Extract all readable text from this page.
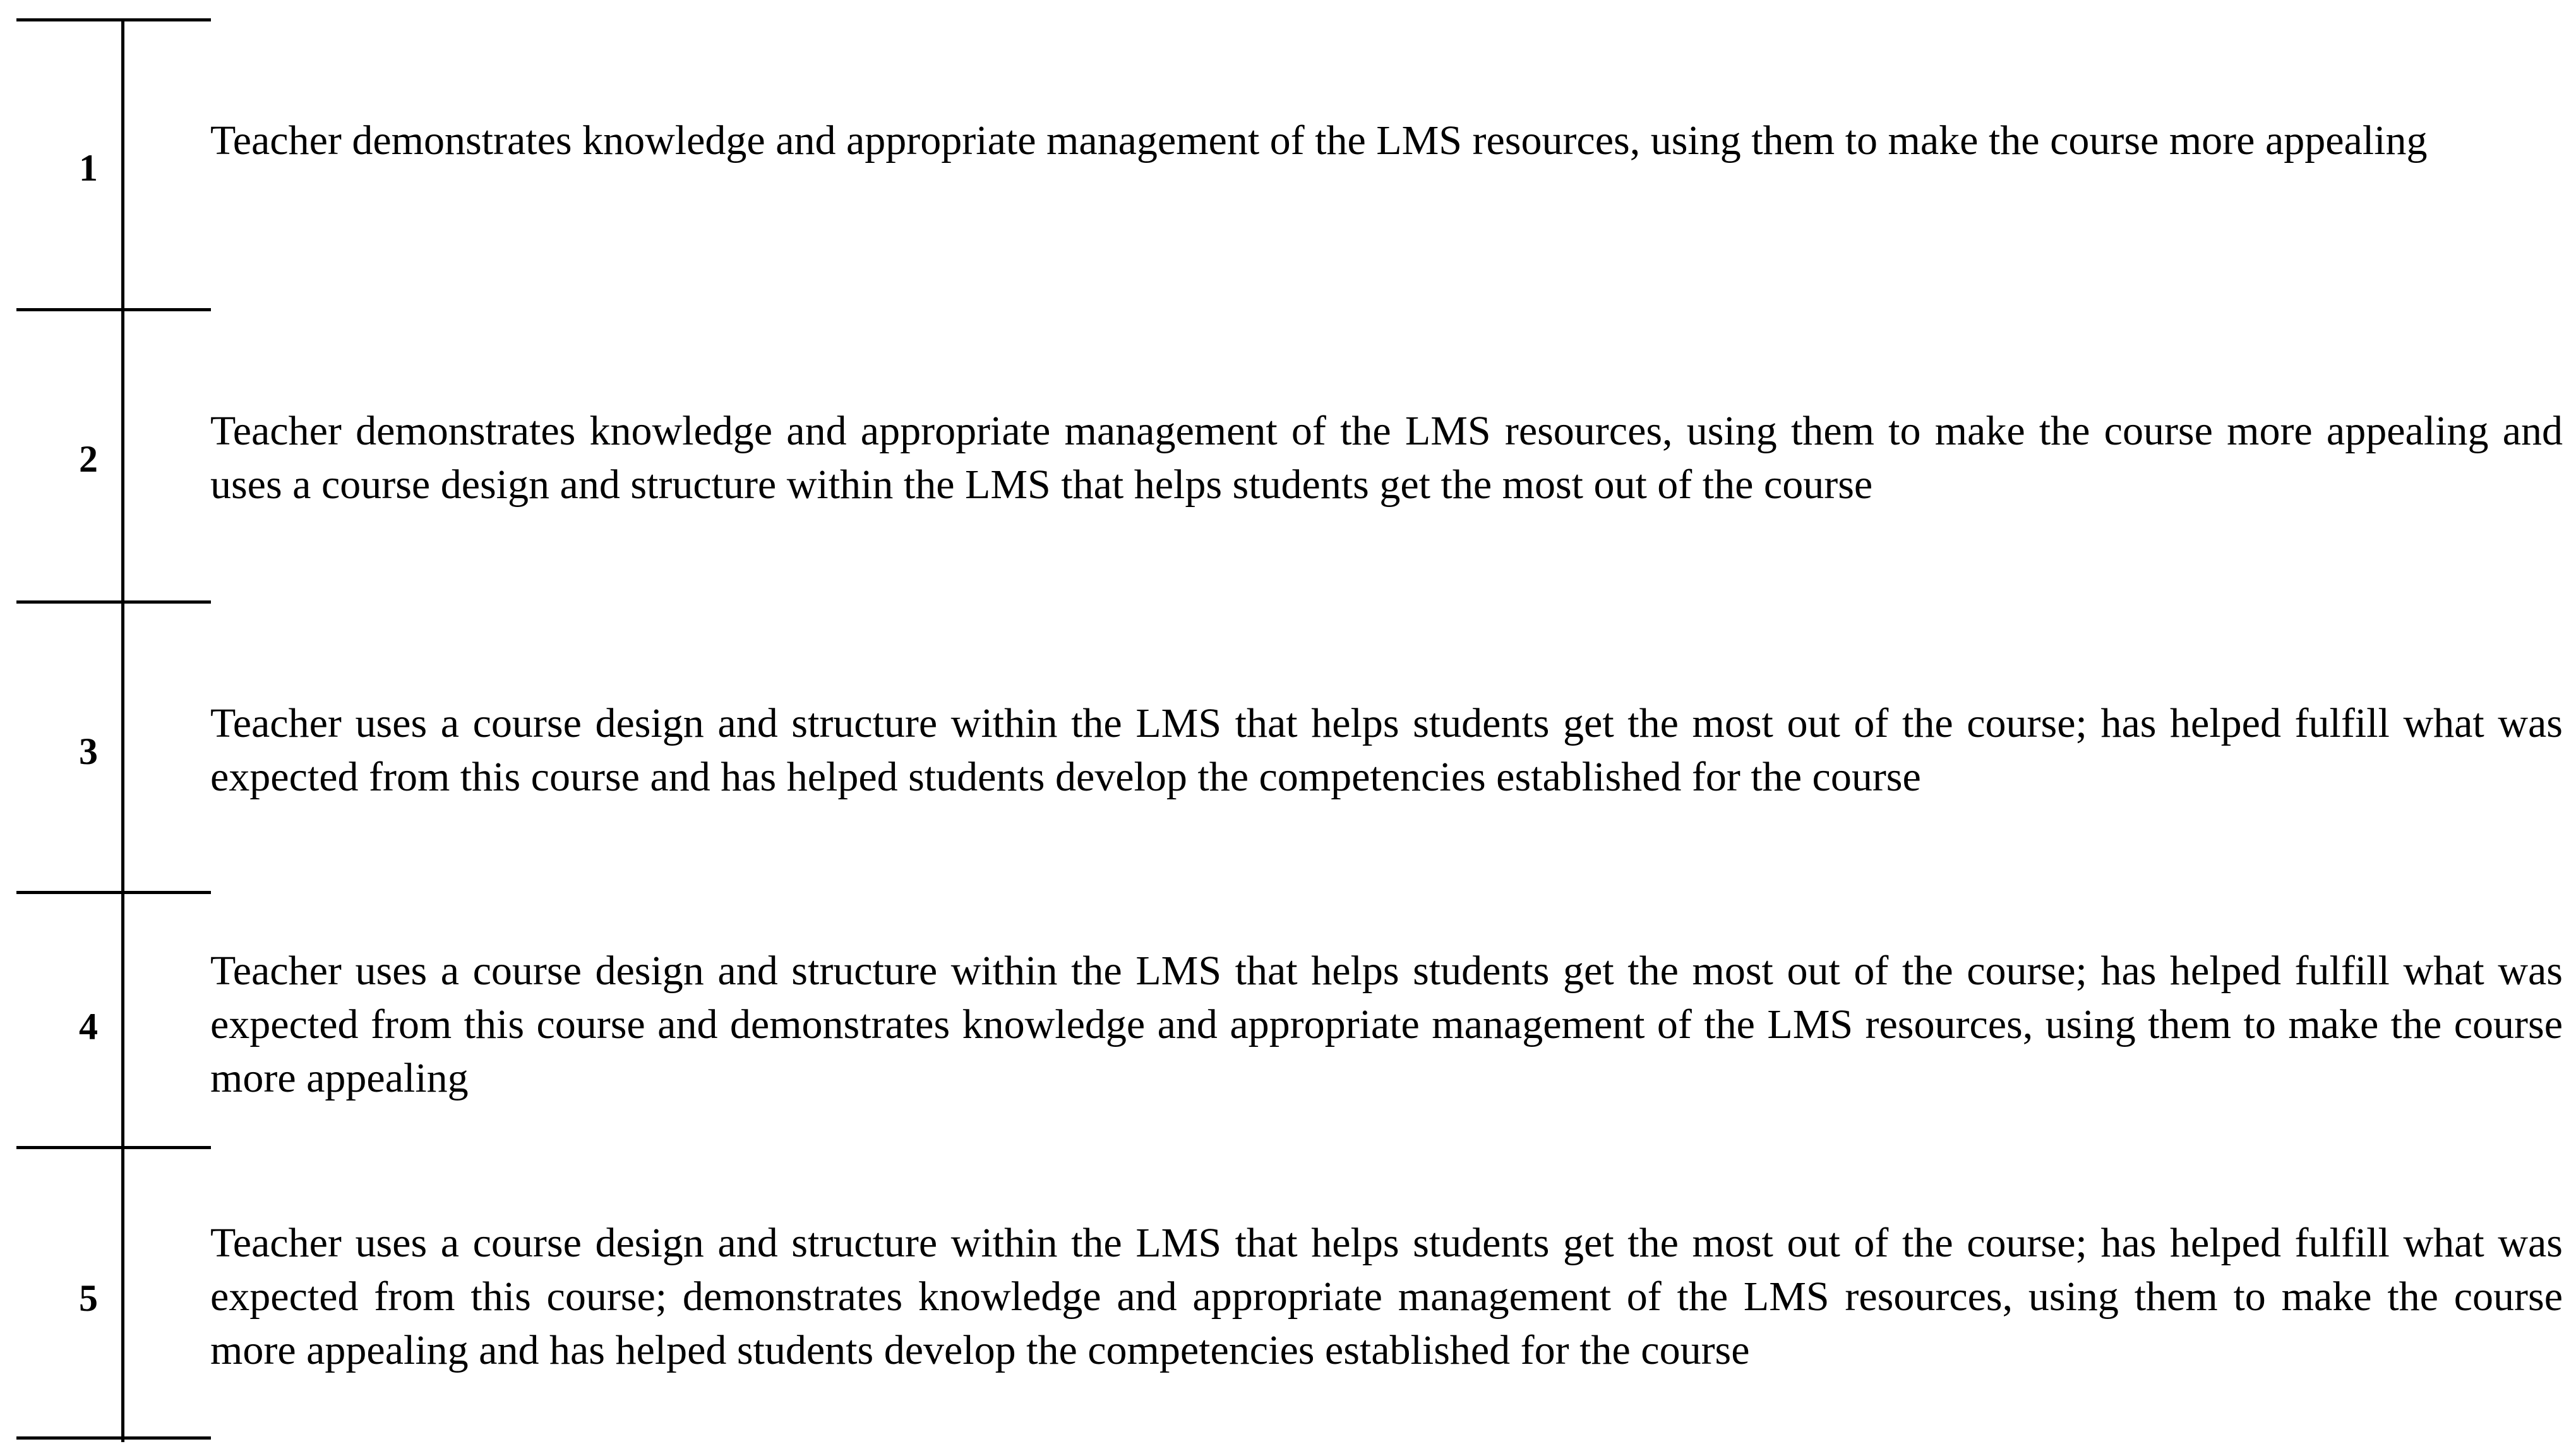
1
Teacher demonstrates knowledge and appropriate management of the LMS resources, using them to make the course more appealing
2
Teacher demonstrates knowledge and appropriate management of the LMS resources, using them to make the course more appealing and uses a course design and structure within the LMS that helps students get the most out of the course
3
Teacher uses a course design and structure within the LMS that helps students get the most out of the course; has helped fulfill what was expected from this course and has helped students develop the competencies established for the course
4
Teacher uses a course design and structure within the LMS that helps students get the most out of the course; has helped fulfill what was expected from this course and demonstrates knowledge and appropriate management of the LMS resources, using them to make the course more appealing
5
Teacher uses a course design and structure within the LMS that helps students get the most out of the course; has helped fulfill what was expected from this course; demonstrates knowledge and appropriate management of the LMS resources, using them to make the course more appealing and has helped students develop the competencies established for the course
